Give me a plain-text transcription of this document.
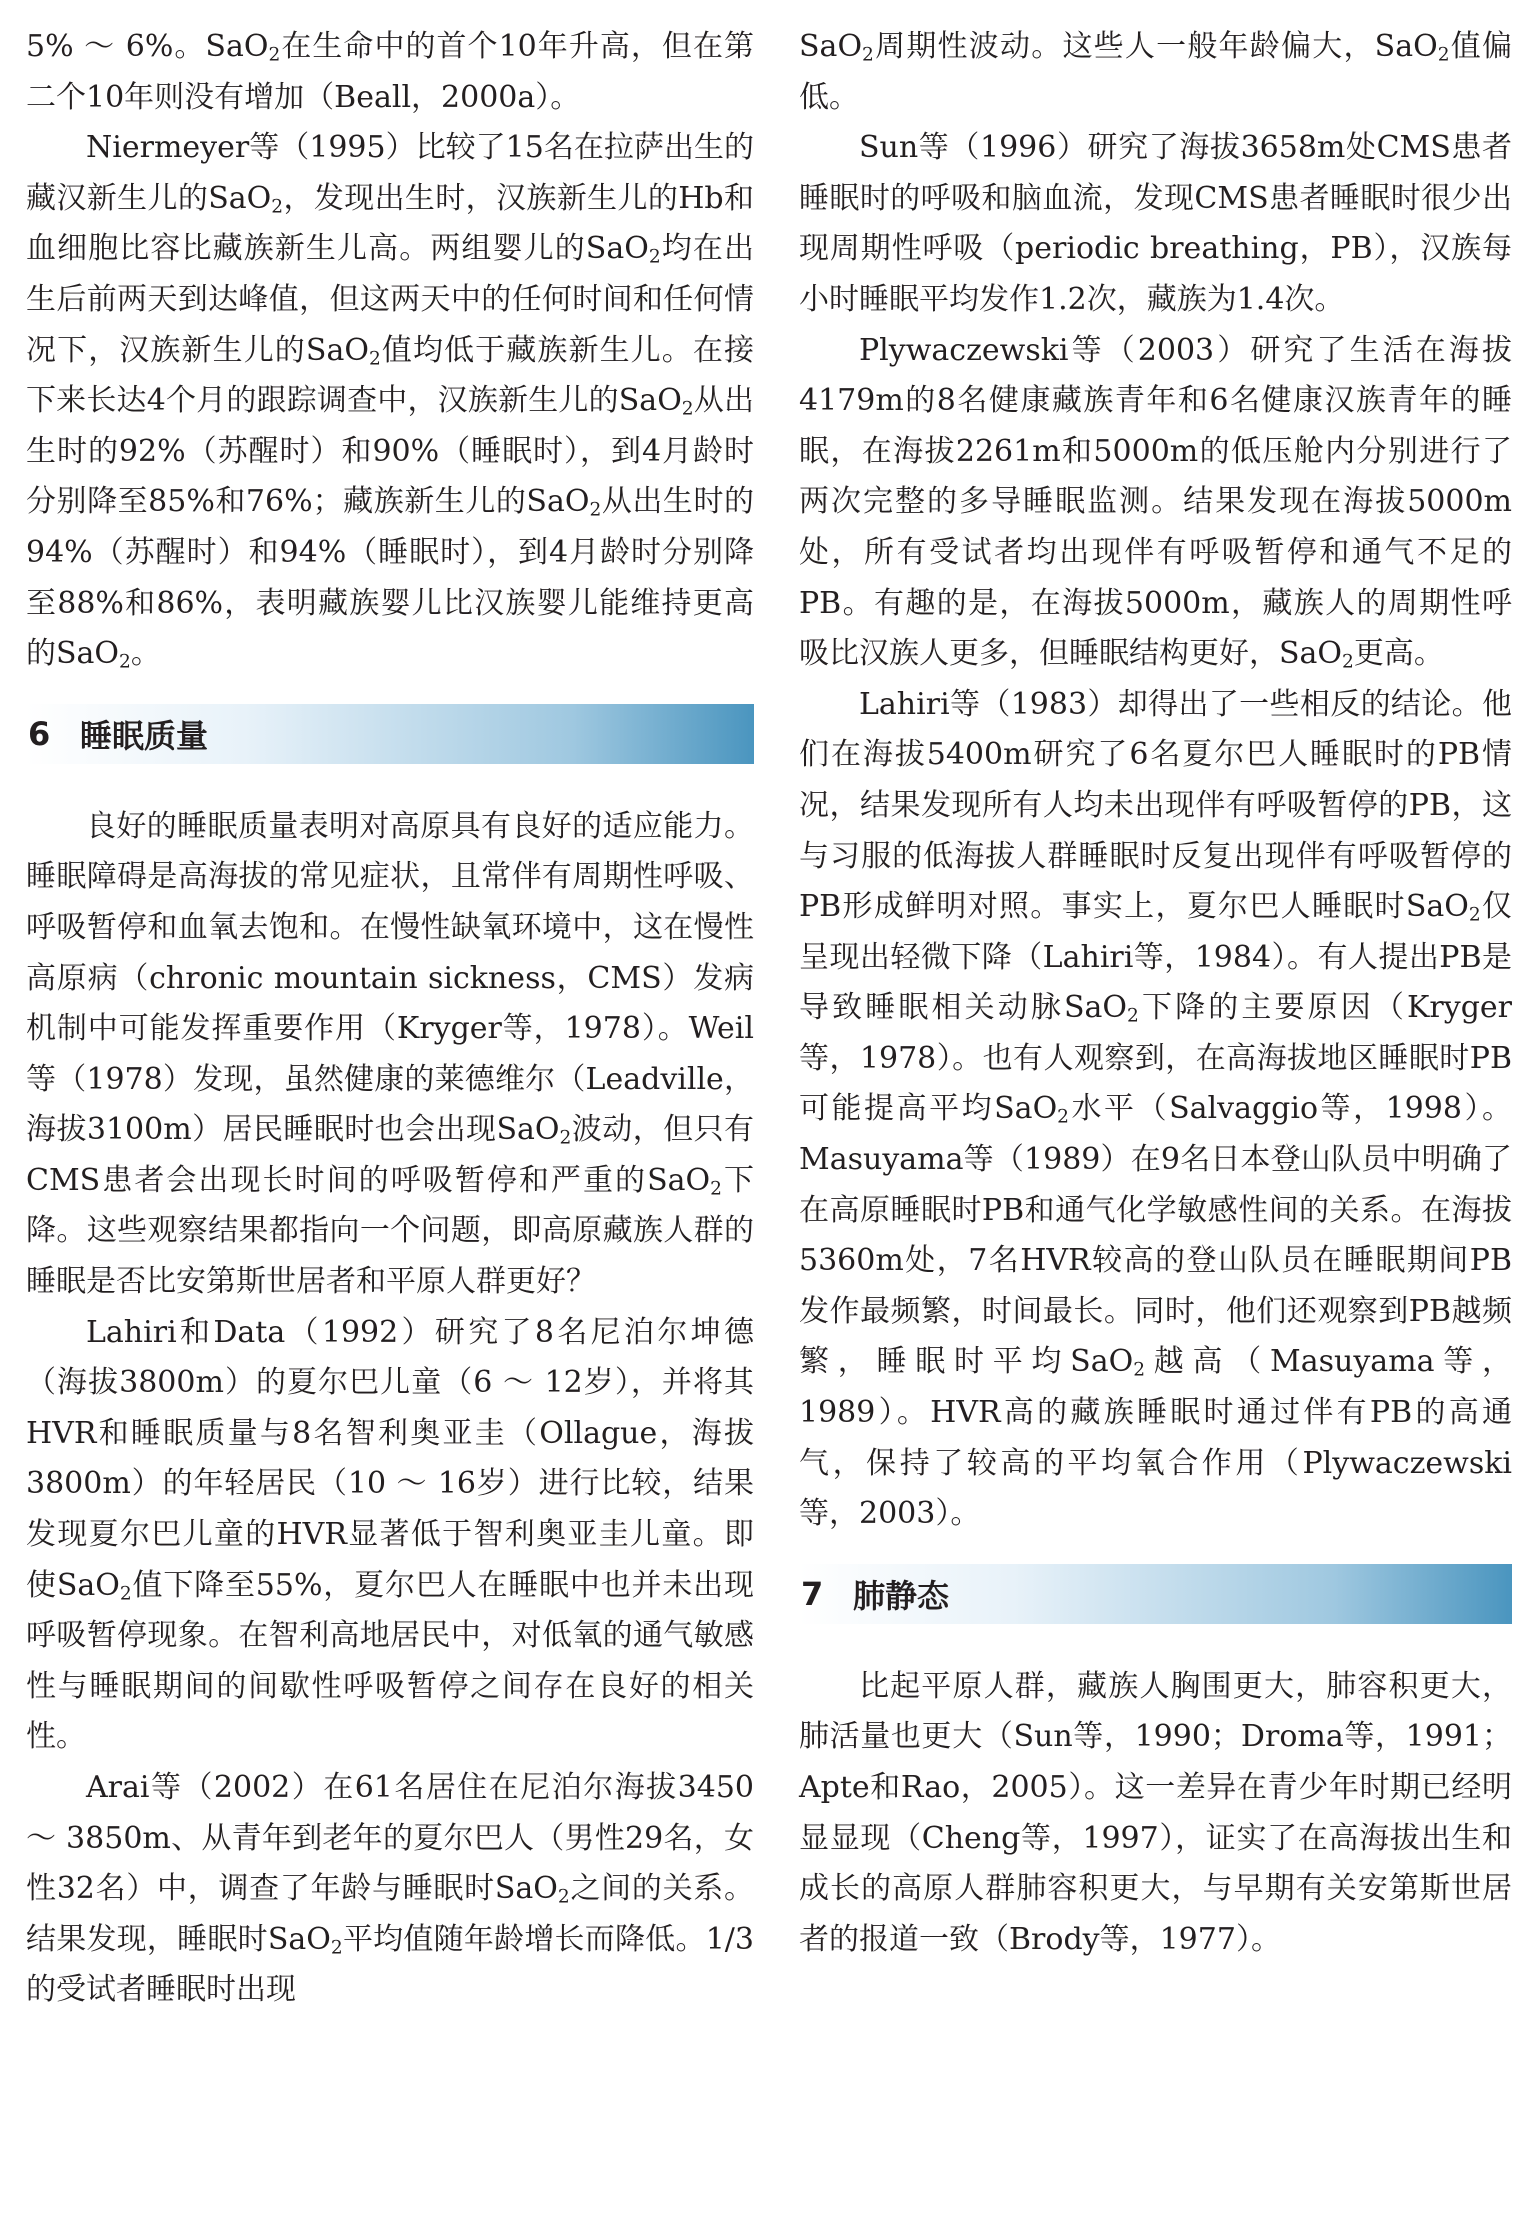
5% ～ 6%。SaO$_2$在生命中的首个10年升高，但在第二个10年则没有增加（Beall，2000a）。

Niermeyer等（1995）比较了15名在拉萨出生的藏汉新生儿的SaO$_2$，发现出生时，汉族新生儿的Hb和血细胞比容比藏族新生儿高。两组婴儿的SaO$_2$均在出生后前两天到达峰值，但这两天中的任何时间和任何情况下，汉族新生儿的SaO$_2$值均低于藏族新生儿。在接下来长达4个月的跟踪调查中，汉族新生儿的SaO$_2$从出生时的92%（苏醒时）和90%（睡眠时），到4月龄时分别降至85%和76%；藏族新生儿的SaO$_2$从出生时的94%（苏醒时）和94%（睡眠时），到4月龄时分别降至88%和86%，表明藏族婴儿比汉族婴儿能维持更高的SaO$_2$。

6 睡眠质量

良好的睡眠质量表明对高原具有良好的适应能力。睡眠障碍是高海拔的常见症状，且常伴有周期性呼吸、呼吸暂停和血氧去饱和。在慢性缺氧环境中，这在慢性高原病（chronic mountain sickness，CMS）发病机制中可能发挥重要作用（Kryger等，1978）。Weil等（1978）发现，虽然健康的莱德维尔（Leadville，海拔3100m）居民睡眠时也会出现SaO$_2$波动，但只有CMS患者会出现长时间的呼吸暂停和严重的SaO$_2$下降。这些观察结果都指向一个问题，即高原藏族人群的睡眠是否比安第斯世居者和平原人群更好？

Lahiri和Data（1992）研究了8名尼泊尔坤德（海拔3800m）的夏尔巴儿童（6 ～ 12岁），并将其HVR和睡眠质量与8名智利奥亚圭（Ollague，海拔3800m）的年轻居民（10 ～ 16岁）进行比较，结果发现夏尔巴儿童的HVR显著低于智利奥亚圭儿童。即使SaO$_2$值下降至55%，夏尔巴人在睡眠中也并未出现呼吸暂停现象。在智利高地居民中，对低氧的通气敏感性与睡眠期间的间歇性呼吸暂停之间存在良好的相关性。

Arai等（2002）在61名居住在尼泊尔海拔3450 ～ 3850m、从青年到老年的夏尔巴人（男性29名，女性32名）中，调查了年龄与睡眠时SaO$_2$之间的关系。结果发现，睡眠时SaO$_2$平均值随年龄增长而降低。1/3的受试者睡眠时出现

SaO$_2$周期性波动。这些人一般年龄偏大，SaO$_2$值偏低。

Sun等（1996）研究了海拔3658m处CMS患者睡眠时的呼吸和脑血流，发现CMS患者睡眠时很少出现周期性呼吸（periodic breathing，PB），汉族每小时睡眠平均发作1.2次，藏族为1.4次。

Plywaczewski等（2003）研究了生活在海拔4179m的8名健康藏族青年和6名健康汉族青年的睡眠，在海拔2261m和5000m的低压舱内分别进行了两次完整的多导睡眠监测。结果发现在海拔5000m处，所有受试者均出现伴有呼吸暂停和通气不足的PB。有趣的是，在海拔5000m，藏族人的周期性呼吸比汉族人更多，但睡眠结构更好，SaO$_2$更高。

Lahiri等（1983）却得出了一些相反的结论。他们在海拔5400m研究了6名夏尔巴人睡眠时的PB情况，结果发现所有人均未出现伴有呼吸暂停的PB，这与习服的低海拔人群睡眠时反复出现伴有呼吸暂停的PB形成鲜明对照。事实上，夏尔巴人睡眠时SaO$_2$仅呈现出轻微下降（Lahiri等，1984）。有人提出PB是导致睡眠相关动脉SaO$_2$下降的主要原因（Kryger等，1978）。也有人观察到，在高海拔地区睡眠时PB可能提高平均SaO$_2$水平（Salvaggio等，1998）。Masuyama等（1989）在9名日本登山队员中明确了在高原睡眠时PB和通气化学敏感性间的关系。在海拔5360m处，7名HVR较高的登山队员在睡眠期间PB发作最频繁，时间最长。同时，他们还观察到PB越频繁，睡眠时平均SaO$_2$越高（Masuyama等，1989）。HVR高的藏族睡眠时通过伴有PB的高通气，保持了较高的平均氧合作用（Plywaczewski等，2003）。

7 肺静态

比起平原人群，藏族人胸围更大，肺容积更大，肺活量也更大（Sun等，1990；Droma等，1991；Apte和Rao，2005）。这一差异在青少年时期已经明显显现（Cheng等，1997），证实了在高海拔出生和成长的高原人群肺容积更大，与早期有关安第斯世居者的报道一致（Brody等，1977）。
